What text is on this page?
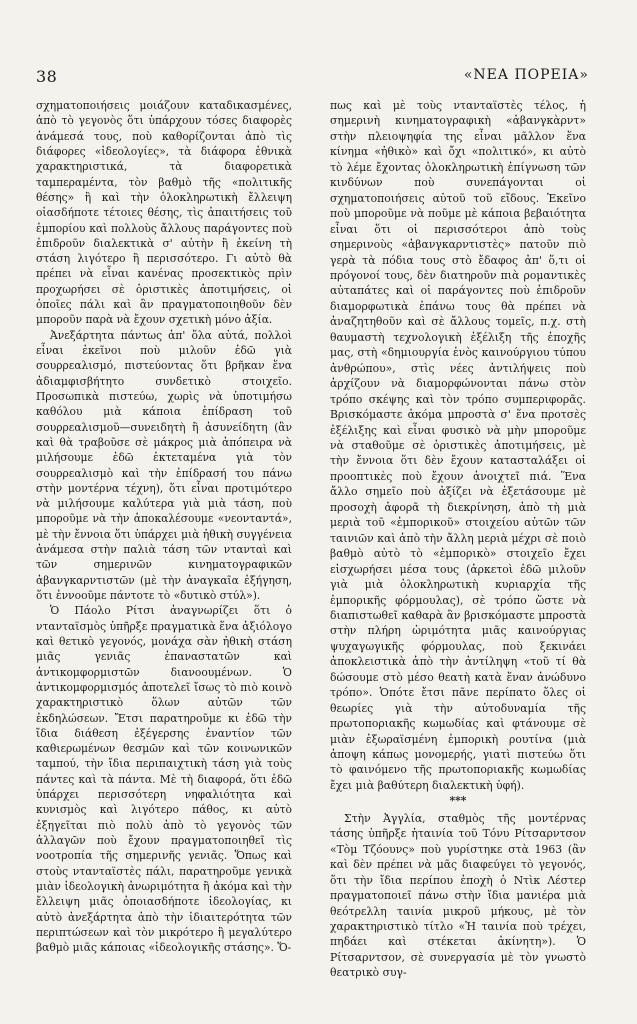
38	«ΝΕΑ ΠΟΡΕΙΑ»

σχηματοποιήσεις μοιάζουν καταδικασμένες, ἀπὸ τὸ γεγονὸς ὅτι ὑπάρχουν τόσες διαφορὲς ἀνάμεσά τους, ποὺ καθορίζονται ἀπὸ τὶς διάφορες «ἰδεολογίες», τὰ διάφορα ἐθνικὰ χαρακτηριστικά, τὰ διαφορετικὰ ταμπεραμέντα, τὸν βαθμὸ τῆς «πολιτικῆς θέσης» ἢ καὶ τὴν ὁλοκληρωτικὴ ἔλλειψη οἱασδήποτε τέτοιες θέσης, τὶς ἀπαιτήσεις τοῦ ἐμπορίου καὶ πολλοὺς ἄλλους παράγοντες ποὺ ἐπιδροῦν διαλεκτικὰ σ' αὐτὴν ἢ ἐκείνη τὴ στάση λιγότερο ἢ περισσότερο. Γι αὐτὸ θὰ πρέπει νὰ εἶναι κανένας προσεκτικὸς πρὶν προχωρήσει σὲ ὁριστικὲς ἀποτιμήσεις, οἱ ὁποῖες πάλι καὶ ἂν πραγματοποιηθοῦν δὲν μποροῦν παρὰ νὰ ἔχουν σχετικὴ μόνο ἀξία.

Ἀνεξάρτητα πάντως ἀπ' ὅλα αὐτά, πολλοὶ εἶναι ἐκεῖνοι ποὺ μιλοῦν ἐδῶ γιὰ σουρρεαλισμό, πιστεύοντας ὅτι βρῆκαν ἕνα ἀδιαμφισβήτητο συνδετικὸ στοιχεῖο. Προσωπικὰ πιστεύω, χωρὶς νὰ ὑποτιμήσω καθόλου μιὰ κάποια ἐπίδραση τοῦ σουρρεαλισμοῦ—συνειδητὴ ἢ ἀσυνείδητη (ἂν καὶ θὰ τραβοῦσε σὲ μάκρος μιὰ ἀπόπειρα νὰ μιλήσουμε ἐδῶ ἐκτεταμένα γιὰ τὸν σουρρεαλισμὸ καὶ τὴν ἐπίδρασή του πάνω στὴν μοντέρνα τέχνη), ὅτι εἶναι προτιμότερο νὰ μιλήσουμε καλύτερα γιὰ μιὰ τάση, ποὺ μποροῦμε νὰ τὴν ἀποκαλέσουμε «νεονταντά», μὲ τὴν ἔννοια ὅτι ὑπάρχει μιὰ ἠθικὴ συγγένεια ἀνάμεσα στὴν παλιὰ τάση τῶν ντανταὶ καὶ τῶν σημερινῶν κινηματογραφικῶν ἀβανγκαρντιστῶν (μὲ τὴν ἀναγκαῖα ἐξήγηση, ὅτι ἐννοοῦμε πάντοτε τὸ «δυτικὸ στύλ»).

Ὁ Πάολο Ρίτσι ἀναγνωρίζει ὅτι ὁ ντανταϊσμὸς ὑπῆρξε πραγματικὰ ἕνα ἀξιόλογο καὶ θετικὸ γεγονός, μονάχα σὰν ἠθικὴ στάση μιᾶς γενιᾶς ἐπαναστατῶν καὶ ἀντικομφορμιστῶν διανοουμένων. Ὁ ἀντικομφορμισμός ἀποτελεῖ ἴσως τὸ πιὸ κοινὸ χαρακτηριστικὸ ὅλων αὐτῶν τῶν ἐκδηλώσεων. Ἔτσι παρατηροῦμε κι ἐδῶ τὴν ἴδια διάθεση ἐξέγερσης ἐναντίον τῶν καθιερωμένων θεσμῶν καὶ τῶν κοινωνικῶν ταμπού, τὴν ἴδια περιπαιχτικὴ τάση γιὰ τοὺς πάντες καὶ τὰ πάντα. Μὲ τὴ διαφορά, ὅτι ἐδῶ ὑπάρχει περισσότερη νηφαλιότητα καὶ κυνισμὸς καὶ λιγότερο πάθος, κι αὐτὸ ἐξηγεῖται πιὸ πολὺ ἀπὸ τὸ γεγονὸς τῶν ἀλλαγῶν ποὺ ἔχουν πραγματοποιηθεῖ τὶς νοοτροπία τῆς σημερινῆς γενιᾶς. Ὅπως καὶ στοὺς ντανταϊστὲς πάλι, παρατηροῦμε γενικὰ μιὰν ἰδεολογικὴ ἀνωριμότητα ἢ ἀκόμα καὶ τὴν ἔλλειψη μιᾶς ὁποιασδήποτε ἰδεολογίας, κι αὐτὸ ἀνεξάρτητα ἀπὸ τὴν ἰδιαιτερότητα τῶν περιπτώσεων καὶ τὸν μικρότερο ἢ μεγαλύτερο βαθμὸ μιᾶς κάποιας «ἰδεολογικῆς στάσης». Ὅ-

πως καὶ μὲ τοὺς ντανταϊστὲς τέλος, ἡ σημερινὴ κινηματογραφικὴ «ἀβανγκὰρντ» στὴν πλειοψηφία της εἶναι μᾶλλον ἕνα κίνημα «ἠθικὸ» καὶ ὄχι «πολιτικό», κι αὐτὸ τὸ λέμε ἔχοντας ὁλοκληρωτικὴ ἐπίγνωση τῶν κινδύνων ποὺ συνεπάγονται οἱ σχηματοποιήσεις αὐτοῦ τοῦ εἴδους. Ἐκεῖνο ποὺ μποροῦμε νὰ ποῦμε μὲ κάποια βεβαιότητα εἶναι ὅτι οἱ περισσότεροι ἀπὸ τοὺς σημερινοὺς «ἀβανγκαρντιστὲς» πατοῦν πιὸ γερὰ τὰ πόδια τους στὸ ἔδαφος ἀπ' ὅ,τι οἱ πρόγονοί τους, δὲν διατηροῦν πιὰ ρομαντικὲς αὐταπάτες καὶ οἱ παράγοντες ποὺ ἐπιδροῦν διαμορφωτικὰ ἐπάνω τους θὰ πρέπει νὰ ἀναζητηθοῦν καὶ σὲ ἄλλους τομεῖς, π.χ. στὴ θαυμαστὴ τεχνολογικὴ ἐξέλιξη τῆς ἐποχῆς μας, στὴ «δημιουργία ἑνὸς καινούργιου τύπου ἀνθρώπου», στὶς νέες ἀντιλήψεις ποὺ ἀρχίζουν νὰ διαμορφώνονται πάνω στὸν τρόπο σκέψης καὶ τὸν τρόπο συμπεριφορᾶς. Βρισκόμαστε ἀκόμα μπροστὰ σ' ἕνα προτσὲς ἐξέλιξης καὶ εἶναι φυσικὸ νὰ μὴν μποροῦμε νὰ σταθοῦμε σὲ ὁριστικὲς ἀποτιμήσεις, μὲ τὴν ἔννοια ὅτι δὲν ἔχουν κατασταλάξει οἱ προοπτικὲς ποὺ ἔχουν ἀνοιχτεῖ πιά. Ἕνα ἄλλο σημεῖο ποὺ ἀξίζει νὰ ἐξετάσουμε μὲ προσοχὴ ἀφορᾶ τὴ διεκρίνηση, ἀπὸ τὴ μιὰ μεριὰ τοῦ «ἐμπορικοῦ» στοιχείου αὐτῶν τῶν ταινιῶν καὶ ἀπὸ τὴν ἄλλη μεριὰ μέχρι σὲ ποιὸ βαθμὸ αὐτὸ τὸ «ἐμπορικὸ» στοιχεῖο ἔχει εἰσχωρήσει μέσα τους (ἀρκετοὶ ἐδῶ μιλοῦν γιὰ μιὰ ὁλοκληρωτικὴ κυριαρχία τῆς ἐμπορικῆς φόρμουλας), σὲ τρόπο ὥστε νὰ διαπιστωθεῖ καθαρὰ ἂν βρισκόμαστε μπροστὰ στὴν πλήρη ὡριμότητα μιᾶς καινούργιας ψυχαγωγικῆς φόρμουλας, ποὺ ξεκινάει ἀποκλειστικὰ ἀπὸ τὴν ἀντίληψη «τοῦ τί θὰ δώσουμε στὸ μέσο θεατὴ κατὰ ἕναν ἀνώδυνο τρόπο». Ὁπότε ἔτσι πᾶνε περίπατο ὅλες οἱ θεωρίες γιὰ τὴν αὐτοδυναμία τῆς πρωτοποριακῆς κωμωδίας καὶ φτάνουμε σὲ μιὰν ἐξωραϊσμένη ἐμπορικὴ ρουτίνα (μιὰ ἀποψη κάπως μονομερής, γιατὶ πιστεύω ὅτι τὸ φαινόμενο τῆς πρωτοποριακῆς κωμωδίας ἔχει μιὰ βαθύτερη διαλεκτικὴ ὑφή).

***

Στὴν Ἀγγλία, σταθμὸς τῆς μοντέρνας τάσης ὑπῆρξε ἡταινία τοῦ Τόνυ Ρίτσαρντσον «Τὸμ Τζόουνς» ποὺ γυρίστηκε στὰ 1963 (ἂν καὶ δὲν πρέπει νὰ μᾶς διαφεύγει τὸ γεγονός, ὅτι τὴν ἴδια περίπου ἐποχὴ ὁ Ντὶκ Λέστερ πραγματοποιεῖ πάνω στὴν ἴδια μανιέρα μιὰ θεότρελλη ταινία μικροῦ μήκους, μὲ τὸν χαρακτηριστικὸ τίτλο «Ἡ ταινία ποὺ τρέχει, πηδάει καὶ στέκεται ἀκίνητη»). Ὁ Ρίτσαρντσον, σὲ συνεργασία μὲ τὸν γνωστὸ θεατρικὸ συγ-
